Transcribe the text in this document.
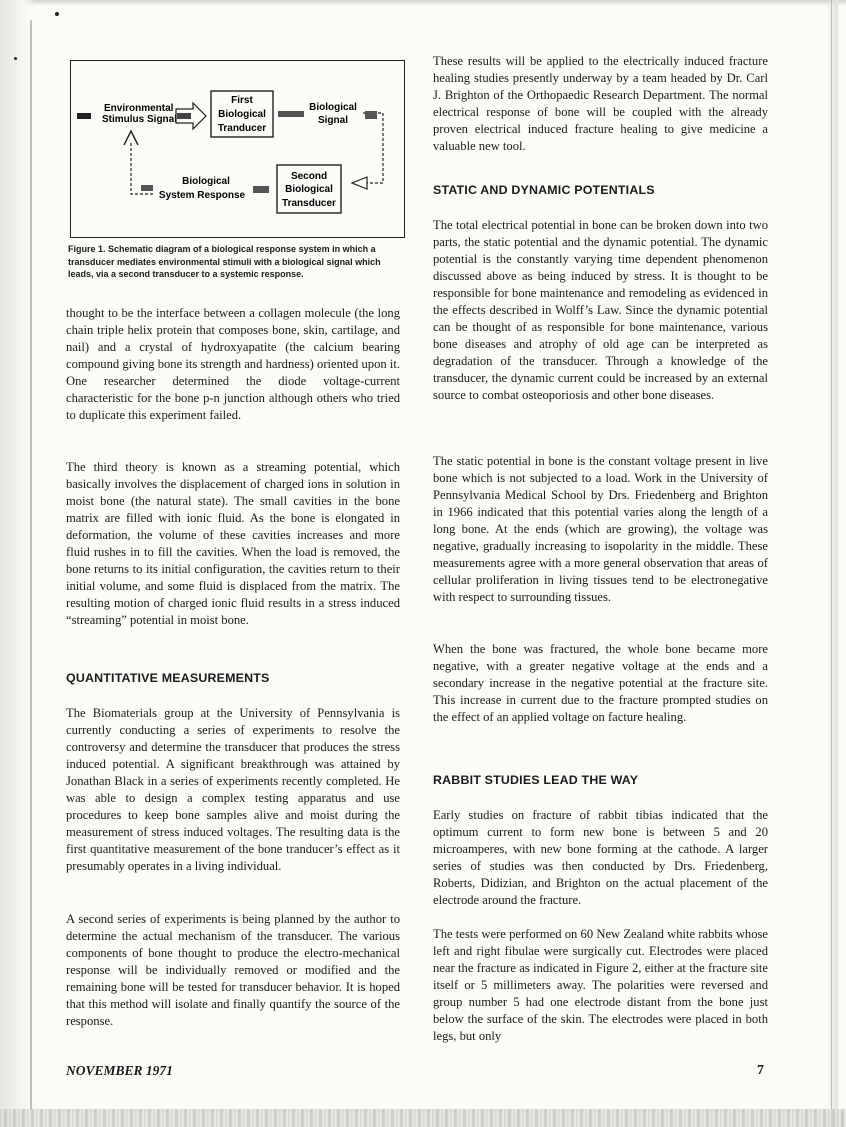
Environmental
Stimulus Signal
First
Biological
Tranducer
Biological
Signal
Second
Biological
Transducer
Biological
System Response

Figure 1. Schematic diagram of a biological response system in which a transducer mediates environmental stimuli with a biological signal which leads, via a second transducer to a systemic response.

thought to be the interface between a collagen molecule (the long chain triple helix protein that composes bone, skin, cartilage, and nail) and a crystal of hydroxyapatite (the calcium bearing compound giving bone its strength and hardness) oriented upon it. One researcher determined the diode voltage-current characteristic for the bone p-n junction although others who tried to duplicate this experiment failed.

The third theory is known as a streaming potential, which basically involves the displacement of charged ions in solution in moist bone (the natural state). The small cavities in the bone matrix are filled with ionic fluid. As the bone is elongated in deformation, the volume of these cavities increases and more fluid rushes in to fill the cavities. When the load is removed, the bone returns to its initial configuration, the cavities return to their initial volume, and some fluid is displaced from the matrix. The resulting motion of charged ionic fluid results in a stress induced “streaming” potential in moist bone.

QUANTITATIVE MEASUREMENTS

The Biomaterials group at the University of Pennsylvania is currently conducting a series of experiments to resolve the controversy and determine the transducer that produces the stress induced potential. A significant breakthrough was attained by Jonathan Black in a series of experiments recently completed. He was able to design a complex testing apparatus and use procedures to keep bone samples alive and moist during the measurement of stress induced voltages. The resulting data is the first quantitative measurement of the bone tranducer’s effect as it presumably operates in a living individual.

A second series of experiments is being planned by the author to determine the actual mechanism of the transducer. The various components of bone thought to produce the electro-mechanical response will be individually removed or modified and the remaining bone will be tested for transducer behavior. It is hoped that this method will isolate and finally quantify the source of the response.

These results will be applied to the electrically induced fracture healing studies presently underway by a team headed by Dr. Carl J. Brighton of the Orthopaedic Research Department. The normal electrical response of bone will be coupled with the already proven electrical induced fracture healing to give medicine a valuable new tool.

STATIC AND DYNAMIC POTENTIALS

The total electrical potential in bone can be broken down into two parts, the static potential and the dynamic potential. The dynamic potential is the constantly varying time dependent phenomenon discussed above as being induced by stress. It is thought to be responsible for bone maintenance and remodeling as evidenced in the effects described in Wolff’s Law. Since the dynamic potential can be thought of as responsible for bone maintenance, various bone diseases and atrophy of old age can be interpreted as degradation of the transducer. Through a knowledge of the transducer, the dynamic current could be increased by an external source to combat osteoporiosis and other bone diseases.

The static potential in bone is the constant voltage present in live bone which is not subjected to a load. Work in the University of Pennsylvania Medical School by Drs. Friedenberg and Brighton in 1966 indicated that this potential varies along the length of a long bone. At the ends (which are growing), the voltage was negative, gradually increasing to isopolarity in the middle. These measurements agree with a more general observation that areas of cellular proliferation in living tissues tend to be electronegative with respect to surrounding tissues.

When the bone was fractured, the whole bone became more negative, with a greater negative voltage at the ends and a secondary increase in the negative potential at the fracture site. This increase in current due to the fracture prompted studies on the effect of an applied voltage on facture healing.

RABBIT STUDIES LEAD THE WAY

Early studies on fracture of rabbit tibias indicated that the optimum current to form new bone is between 5 and 20 microamperes, with new bone forming at the cathode. A larger series of studies was then conducted by Drs. Friedenberg, Roberts, Didizian, and Brighton on the actual placement of the electrode around the fracture.

The tests were performed on 60 New Zealand white rabbits whose left and right fibulae were surgically cut. Electrodes were placed near the fracture as indicated in Figure 2, either at the fracture site itself or 5 millimeters away. The polarities were reversed and group number 5 had one electrode distant from the bone just below the surface of the skin. The electrodes were placed in both legs, but only

NOVEMBER 1971	7
